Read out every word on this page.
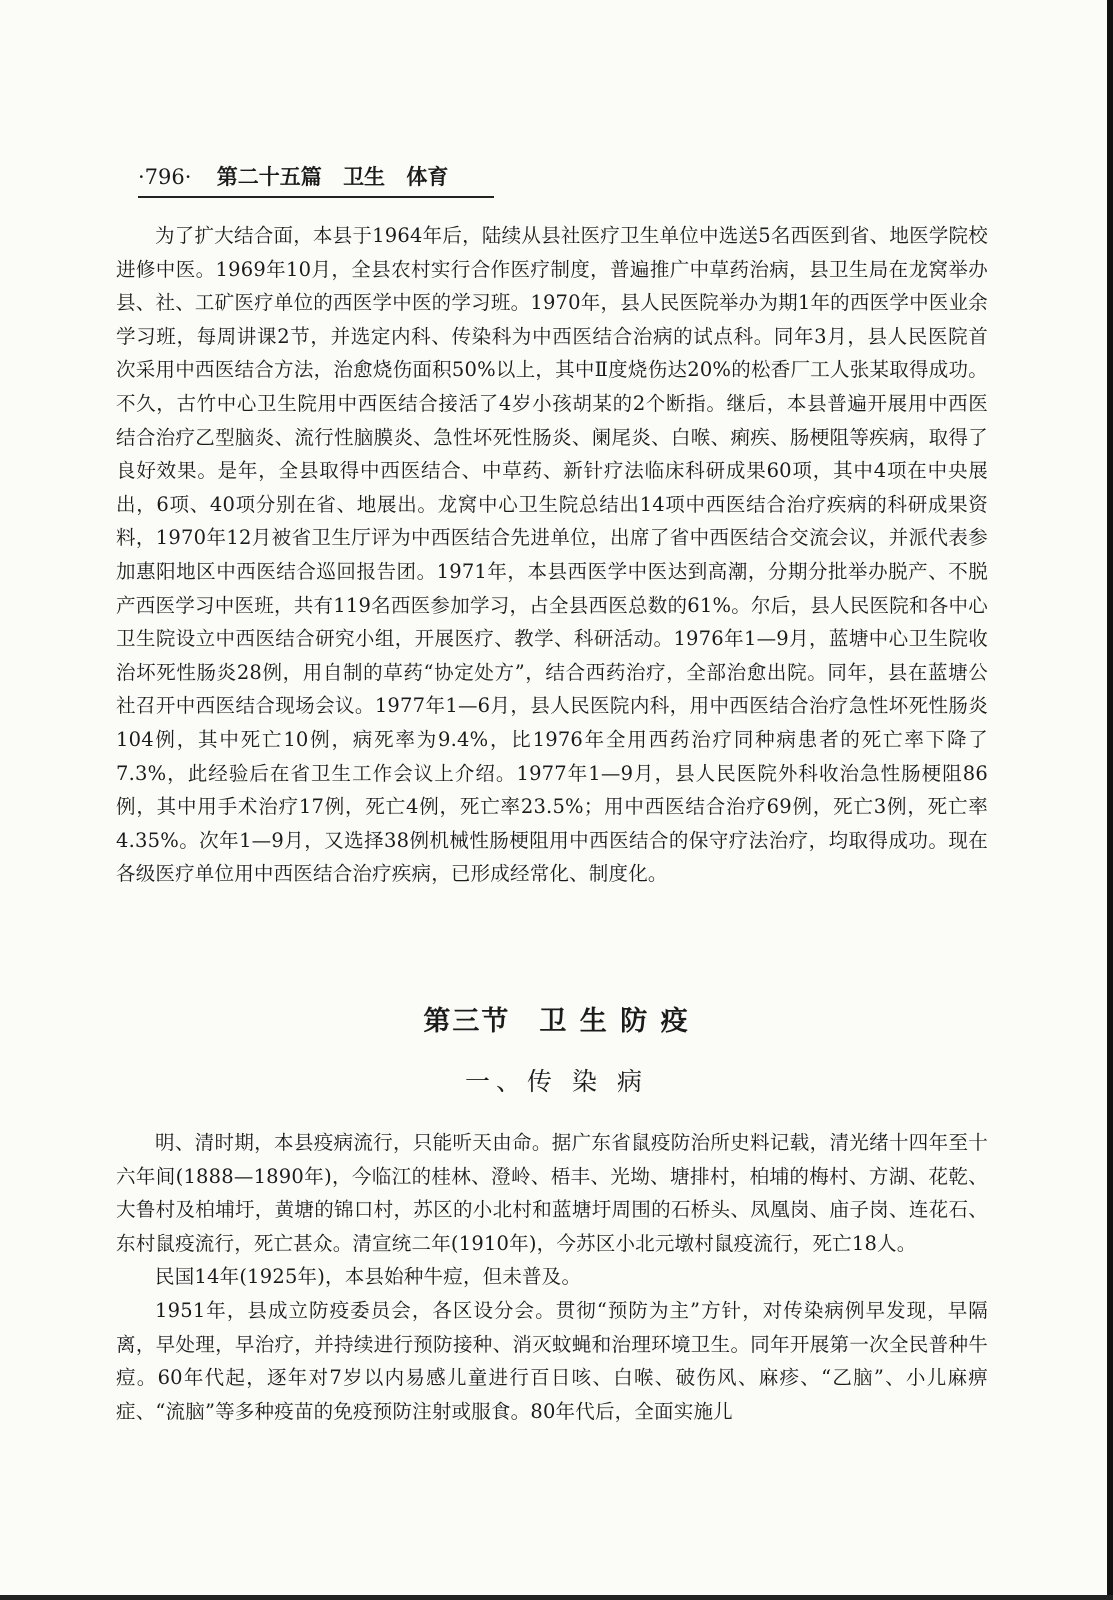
·796· 第二十五篇 卫生 体育

为了扩大结合面，本县于1964年后，陆续从县社医疗卫生单位中选送5名西医到省、地医学院校进修中医。1969年10月，全县农村实行合作医疗制度，普遍推广中草药治病，县卫生局在龙窝举办县、社、工矿医疗单位的西医学中医的学习班。1970年，县人民医院举办为期1年的西医学中医业余学习班，每周讲课2节，并选定内科、传染科为中西医结合治病的试点科。同年3月，县人民医院首次采用中西医结合方法，治愈烧伤面积50%以上，其中Ⅱ度烧伤达20%的松香厂工人张某取得成功。不久，古竹中心卫生院用中西医结合接活了4岁小孩胡某的2个断指。继后，本县普遍开展用中西医结合治疗乙型脑炎、流行性脑膜炎、急性坏死性肠炎、阑尾炎、白喉、痢疾、肠梗阻等疾病，取得了良好效果。是年，全县取得中西医结合、中草药、新针疗法临床科研成果60项，其中4项在中央展出，6项、40项分别在省、地展出。龙窝中心卫生院总结出14项中西医结合治疗疾病的科研成果资料，1970年12月被省卫生厅评为中西医结合先进单位，出席了省中西医结合交流会议，并派代表参加惠阳地区中西医结合巡回报告团。1971年，本县西医学中医达到高潮，分期分批举办脱产、不脱产西医学习中医班，共有119名西医参加学习，占全县西医总数的61%。尔后，县人民医院和各中心卫生院设立中西医结合研究小组，开展医疗、教学、科研活动。1976年1—9月，蓝塘中心卫生院收治坏死性肠炎28例，用自制的草药“协定处方”，结合西药治疗，全部治愈出院。同年，县在蓝塘公社召开中西医结合现场会议。1977年1—6月，县人民医院内科，用中西医结合治疗急性坏死性肠炎104例，其中死亡10例，病死率为9.4%，比1976年全用西药治疗同种病患者的死亡率下降了7.3%，此经验后在省卫生工作会议上介绍。1977年1—9月，县人民医院外科收治急性肠梗阻86例，其中用手术治疗17例，死亡4例，死亡率23.5%；用中西医结合治疗69例，死亡3例，死亡率4.35%。次年1—9月，又选择38例机械性肠梗阻用中西医结合的保守疗法治疗，均取得成功。现在各级医疗单位用中西医结合治疗疾病，已形成经常化、制度化。

第三节　卫 生 防 疫
一、传 染 病

明、清时期，本县疫病流行，只能听天由命。据广东省鼠疫防治所史料记载，清光绪十四年至十六年间(1888—1890年)，今临江的桂林、澄岭、梧丰、光坳、塘排村，柏埔的梅村、方湖、花乾、大鲁村及柏埔圩，黄塘的锦口村，苏区的小北村和蓝塘圩周围的石桥头、凤凰岗、庙子岗、连花石、东村鼠疫流行，死亡甚众。清宣统二年(1910年)，今苏区小北元墩村鼠疫流行，死亡18人。

民国14年(1925年)，本县始种牛痘，但未普及。

1951年，县成立防疫委员会，各区设分会。贯彻“预防为主”方针，对传染病例早发现，早隔离，早处理，早治疗，并持续进行预防接种、消灭蚊蝇和治理环境卫生。同年开展第一次全民普种牛痘。60年代起，逐年对7岁以内易感儿童进行百日咳、白喉、破伤风、麻疹、“乙脑”、小儿麻痹症、“流脑”等多种疫苗的免疫预防注射或服食。80年代后，全面实施儿
